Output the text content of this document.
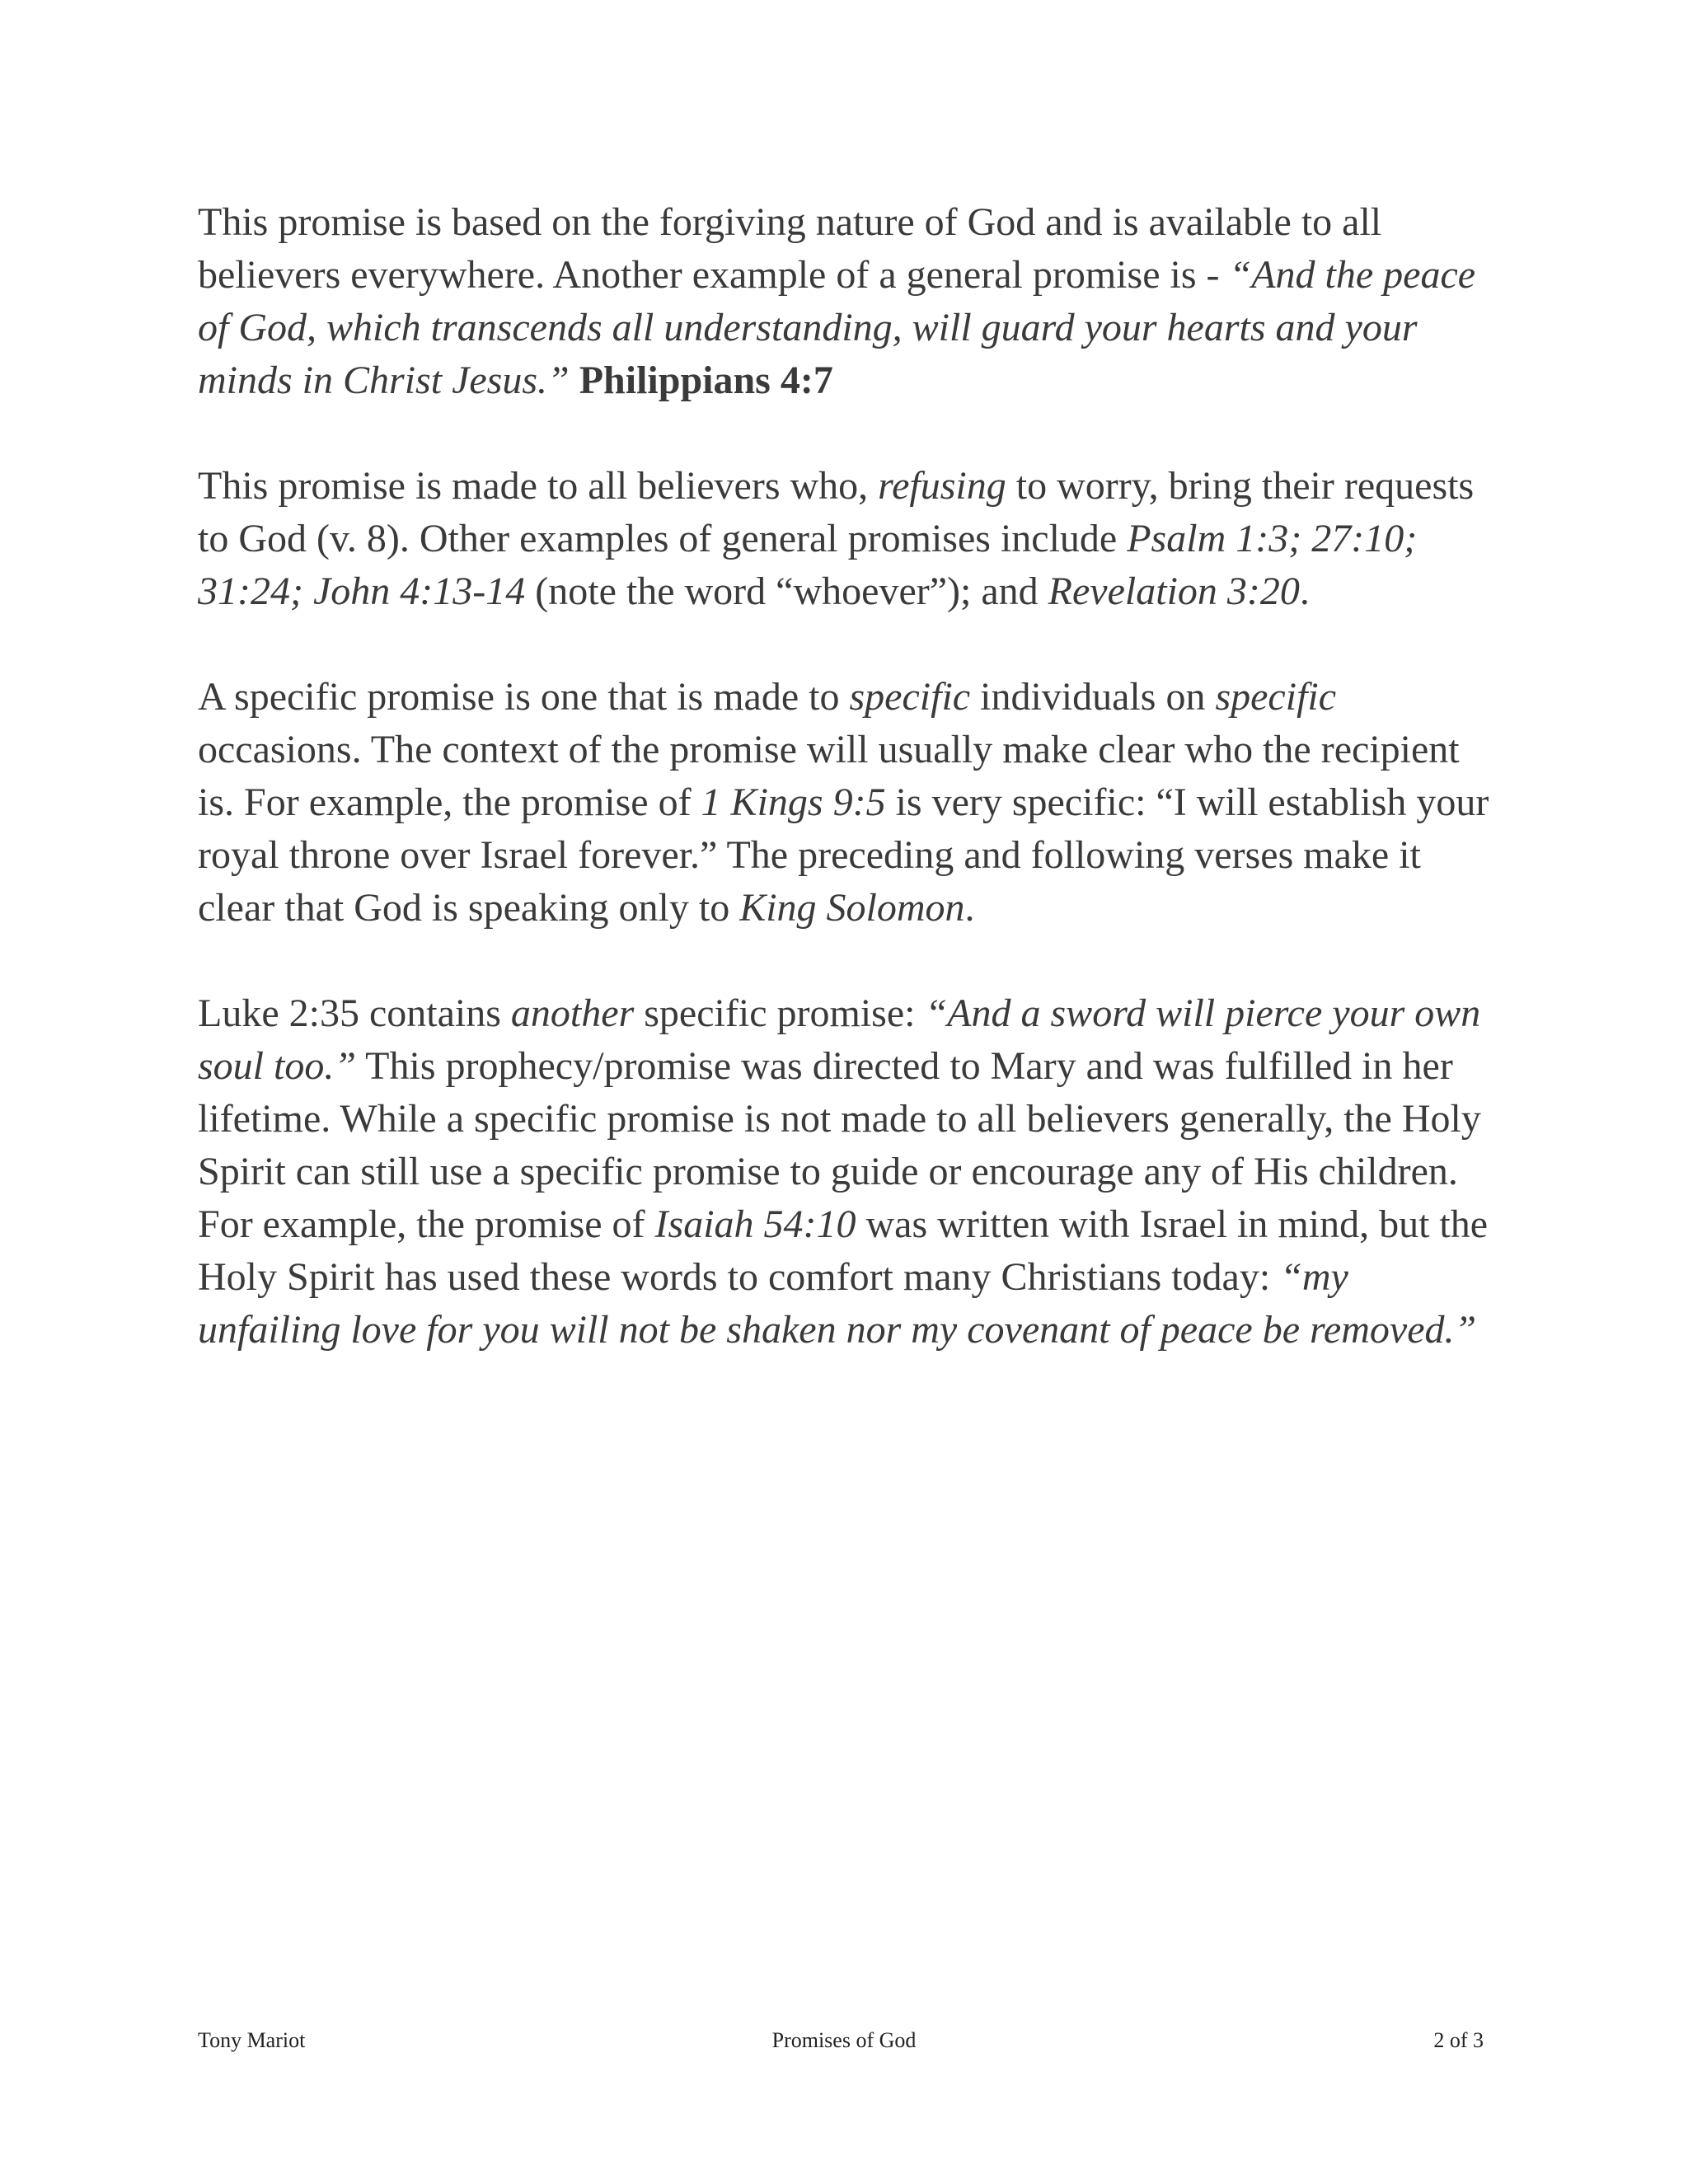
This promise is based on the forgiving nature of God and is available to all believers everywhere. Another example of a general promise is - “And the peace of God, which transcends all understanding, will guard your hearts and your minds in Christ Jesus.” Philippians 4:7

This promise is made to all believers who, refusing to worry, bring their requests to God (v. 8). Other examples of general promises include Psalm 1:3; 27:10; 31:24; John 4:13-14 (note the word “whoever”); and Revelation 3:20.

A specific promise is one that is made to specific individuals on specific occasions. The context of the promise will usually make clear who the recipient is. For example, the promise of 1 Kings 9:5 is very specific: “I will establish your royal throne over Israel forever.” The preceding and following verses make it clear that God is speaking only to King Solomon.

Luke 2:35 contains another specific promise: “And a sword will pierce your own soul too.” This prophecy/promise was directed to Mary and was fulfilled in her lifetime. While a specific promise is not made to all believers generally, the Holy Spirit can still use a specific promise to guide or encourage any of His children. For example, the promise of Isaiah 54:10 was written with Israel in mind, but the Holy Spirit has used these words to comfort many Christians today: “my unfailing love for you will not be shaken nor my covenant of peace be removed.”

Tony Mariot	Promises of God	2 of 3
